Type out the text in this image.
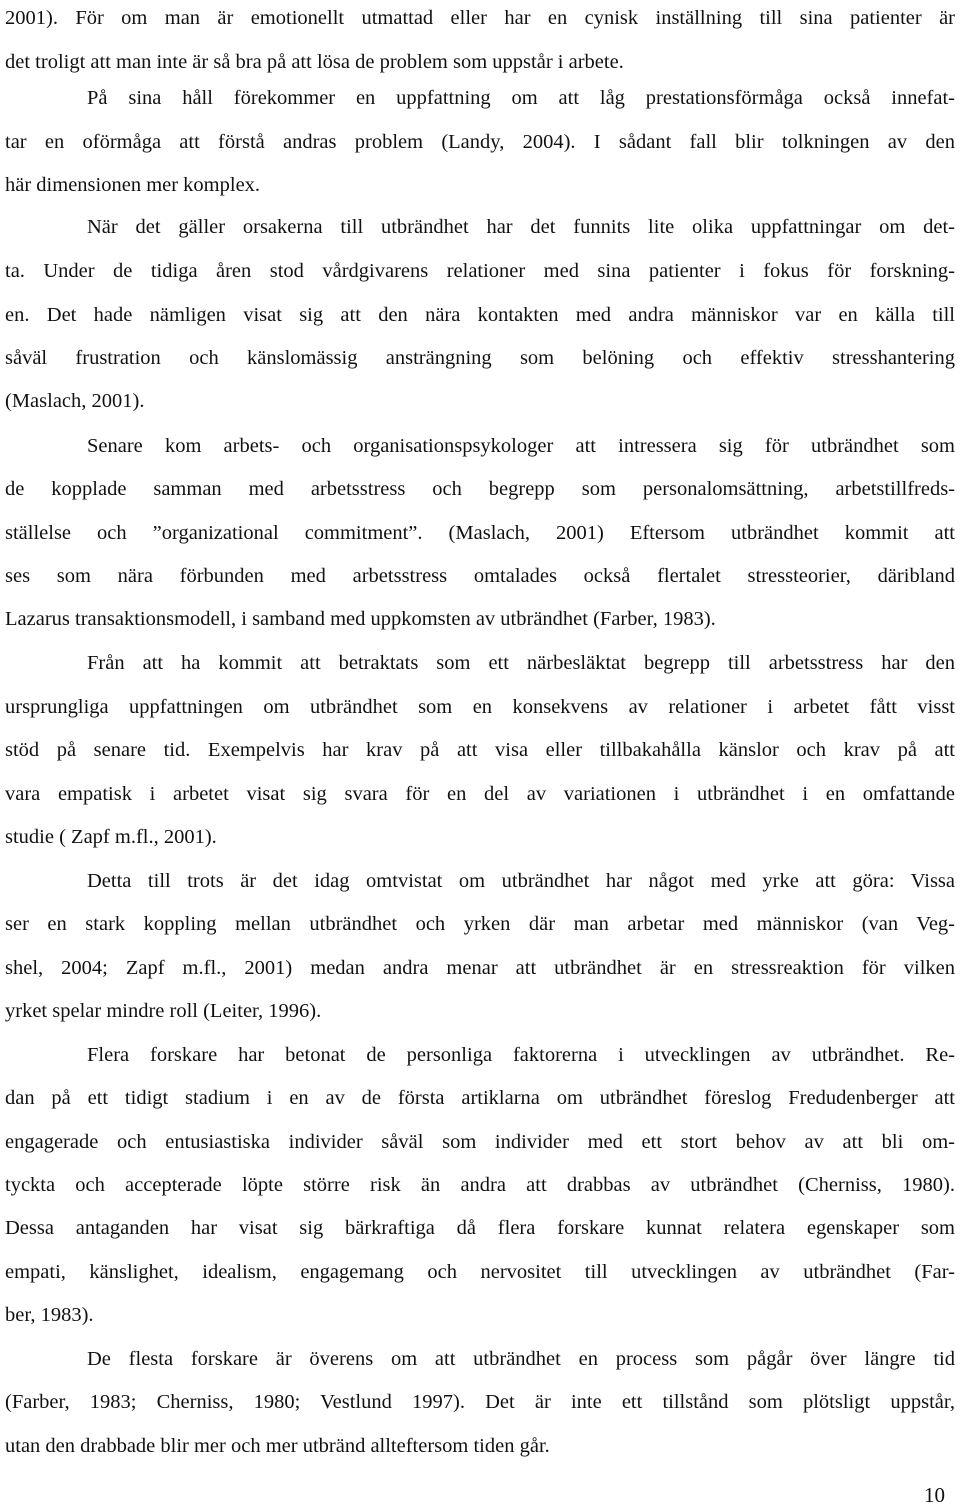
2001). För om man är emotionellt utmattad eller har en cynisk inställning till sina patienter är
det troligt att man inte är så bra på att lösa de problem som uppstår i arbete.
På sina håll förekommer en uppfattning om att låg prestationsförmåga också innefat-
tar en oförmåga att förstå andras problem (Landy, 2004). I sådant fall blir tolkningen av den
här dimensionen mer komplex.
När det gäller orsakerna till utbrändhet har det funnits lite olika uppfattningar om det-
ta. Under de tidiga åren stod vårdgivarens relationer med sina patienter i fokus för forskning-
en. Det hade nämligen visat sig att den nära kontakten med andra människor var en källa till
såväl frustration och känslomässig ansträngning som belöning och effektiv stresshantering
(Maslach, 2001).
Senare kom arbets- och organisationspsykologer att intressera sig för utbrändhet som
de kopplade samman med arbetsstress och begrepp som personalomsättning, arbetstillfreds-
ställelse och ”organizational commitment”. (Maslach, 2001) Eftersom utbrändhet kommit att
ses som nära förbunden med arbetsstress omtalades också flertalet stressteorier, däribland
Lazarus transaktionsmodell, i samband med uppkomsten av utbrändhet (Farber, 1983).
Från att ha kommit att betraktats som ett närbesläktat begrepp till arbetsstress har den
ursprungliga uppfattningen om utbrändhet som en konsekvens av relationer i arbetet fått visst
stöd på senare tid. Exempelvis har krav på att visa eller tillbakahålla känslor och krav på att
vara empatisk i arbetet visat sig svara för en del av variationen i utbrändhet i en omfattande
studie ( Zapf m.fl., 2001).
Detta till trots är det idag omtvistat om utbrändhet har något med yrke att göra: Vissa
ser en stark koppling mellan utbrändhet och yrken där man arbetar med människor (van Veg-
shel, 2004; Zapf m.fl., 2001) medan andra menar att utbrändhet är en stressreaktion för vilken
yrket spelar mindre roll (Leiter, 1996).
Flera forskare har betonat de personliga faktorerna i utvecklingen av utbrändhet. Re-
dan på ett tidigt stadium i en av de första artiklarna om utbrändhet föreslog Fredudenberger att
engagerade och entusiastiska individer såväl som individer med ett stort behov av att bli om-
tyckta och accepterade löpte större risk än andra att drabbas av utbrändhet (Cherniss, 1980).
Dessa antaganden har visat sig bärkraftiga då flera forskare kunnat relatera egenskaper som
empati, känslighet, idealism, engagemang och nervositet till utvecklingen av utbrändhet (Far-
ber, 1983).
De flesta forskare är överens om att utbrändhet en process som pågår över längre tid
(Farber, 1983; Cherniss, 1980; Vestlund 1997). Det är inte ett tillstånd som plötsligt uppstår,
utan den drabbade blir mer och mer utbränd allteftersom tiden går.
10
